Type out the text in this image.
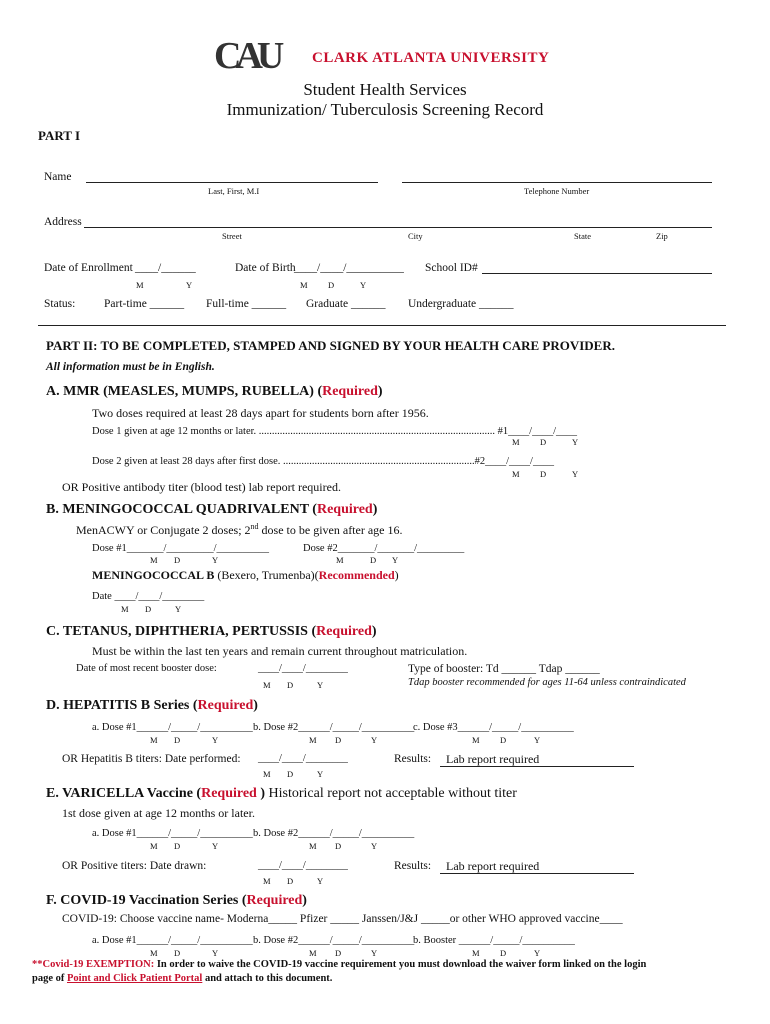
CAU	CLARK ATLANTA UNIVERSITY
Student Health Services
Immunization/ Tuberculosis Screening Record
PART I
Name
Last, First, M.I	Telephone Number
Address
Street	City	State	Zip
Date of Enrollment ____/______
M	Y
Date of Birth
____/____/__________
M D	Y
School ID#
Status: Part-time ______ Full-time ______ Graduate ______ Undergraduate ______
PART II: TO BE COMPLETED, STAMPED AND SIGNED BY YOUR HEALTH CARE PROVIDER.
All information must be in English.
A. MMR (MEASLES, MUMPS, RUBELLA) (Required)
Two doses required at least 28 days apart for students born after 1956.
Dose 1 given at age 12 months or later. .......................................................................................... #1____/____/____
M D	Y
Dose 2 given at least 28 days after first dose. .........................................................................#2____/____/____
M D	Y
OR Positive antibody titer (blood test) lab report required.
B. MENINGOCOCCAL QUADRIVALENT (Required)
MenACWY or Conjugate 2 doses; 2nd dose to be given after age 16.
Dose #1_______/_________/__________
M D	Y
Dose #2_______/_______/_________
M	D Y
MENINGOCOCCAL B (Bexero, Trumenba)(Recommended)
Date ____/____/________
M D	Y
C. TETANUS, DIPHTHERIA, PERTUSSIS (Required)
Must be within the last ten years and remain current throughout matriculation.
Date of most recent booster dose:	____/____/________
M D	Y
Type of booster: Td ______ Tdap ______
Tdap booster recommended for ages 11-64 unless contraindicated
D. HEPATITIS B Series (Required)
a. Dose #1______/_____/__________
M D	Y
b. Dose #2______/_____/__________
M D	Y
c. Dose #3______/_____/__________
M D	Y
OR Hepatitis B titers: Date performed: ____/____/________
M D	Y
Results: Lab report required
E. VARICELLA Vaccine (Required ) Historical report not acceptable without titer
1st dose given at age 12 months or later.
a. Dose #1______/_____/__________
M D	Y
b. Dose #2______/_____/__________
M D	Y
OR Positive titers: Date drawn:	____/____/________
M D	Y
Results: Lab report required
F. COVID-19 Vaccination Series (Required)
COVID-19: Choose vaccine name- Moderna_____ Pfizer _____ Janssen/J&J _____or other WHO approved vaccine____
a. Dose #1______/_____/__________
M D	Y
b. Dose #2______/_____/__________
M D	Y
b. Booster ______/_____/__________
M D	Y
**Covid-19 EXEMPTION: In order to waive the COVID-19 vaccine requirement you must download the waiver form linked on the login
page of Point and Click Patient Portal and attach to this document.
